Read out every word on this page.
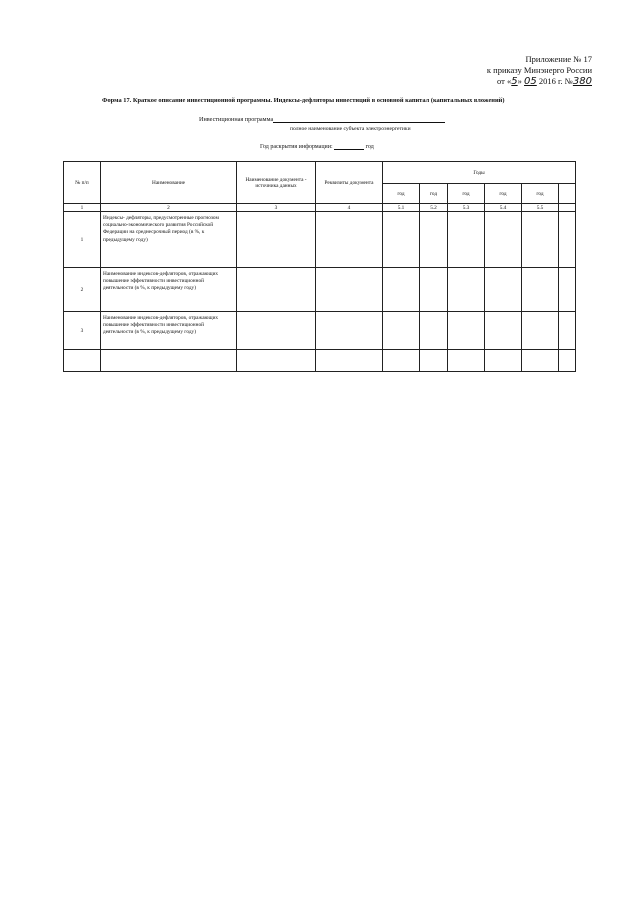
Приложение № 17
к приказу Минэнерго России
от «5» 05 2016 г. №380
Форма 17. Краткое описание инвестиционной программы. Индексы-дефляторы инвестиций в основной капитал (капитальных вложений)
Инвестиционная программа
полное наименование субъекта электроэнергетики
Год раскрытия информации:	год
№ п/п	Наименование	Наименование документа - источника данных	Реквизиты документа	Годы					
				год	год	год	год	год	
1	2	3	4	5.1	5.2	5.3	5.4	5.5	
1	Индексы- дефляторы, предусмотренные прогнозом социально-экономического развития Российской Федерации на среднесрочный период (в %, к предыдущему году)								
2	Наименование индексов-дефляторов, отражающих повышение эффективности инвестиционной деятельности (в %, к предыдущему году)								
3	Наименование индексов-дефляторов, отражающих повышение эффективности инвестиционной деятельности (в %, к предыдущему году)								
